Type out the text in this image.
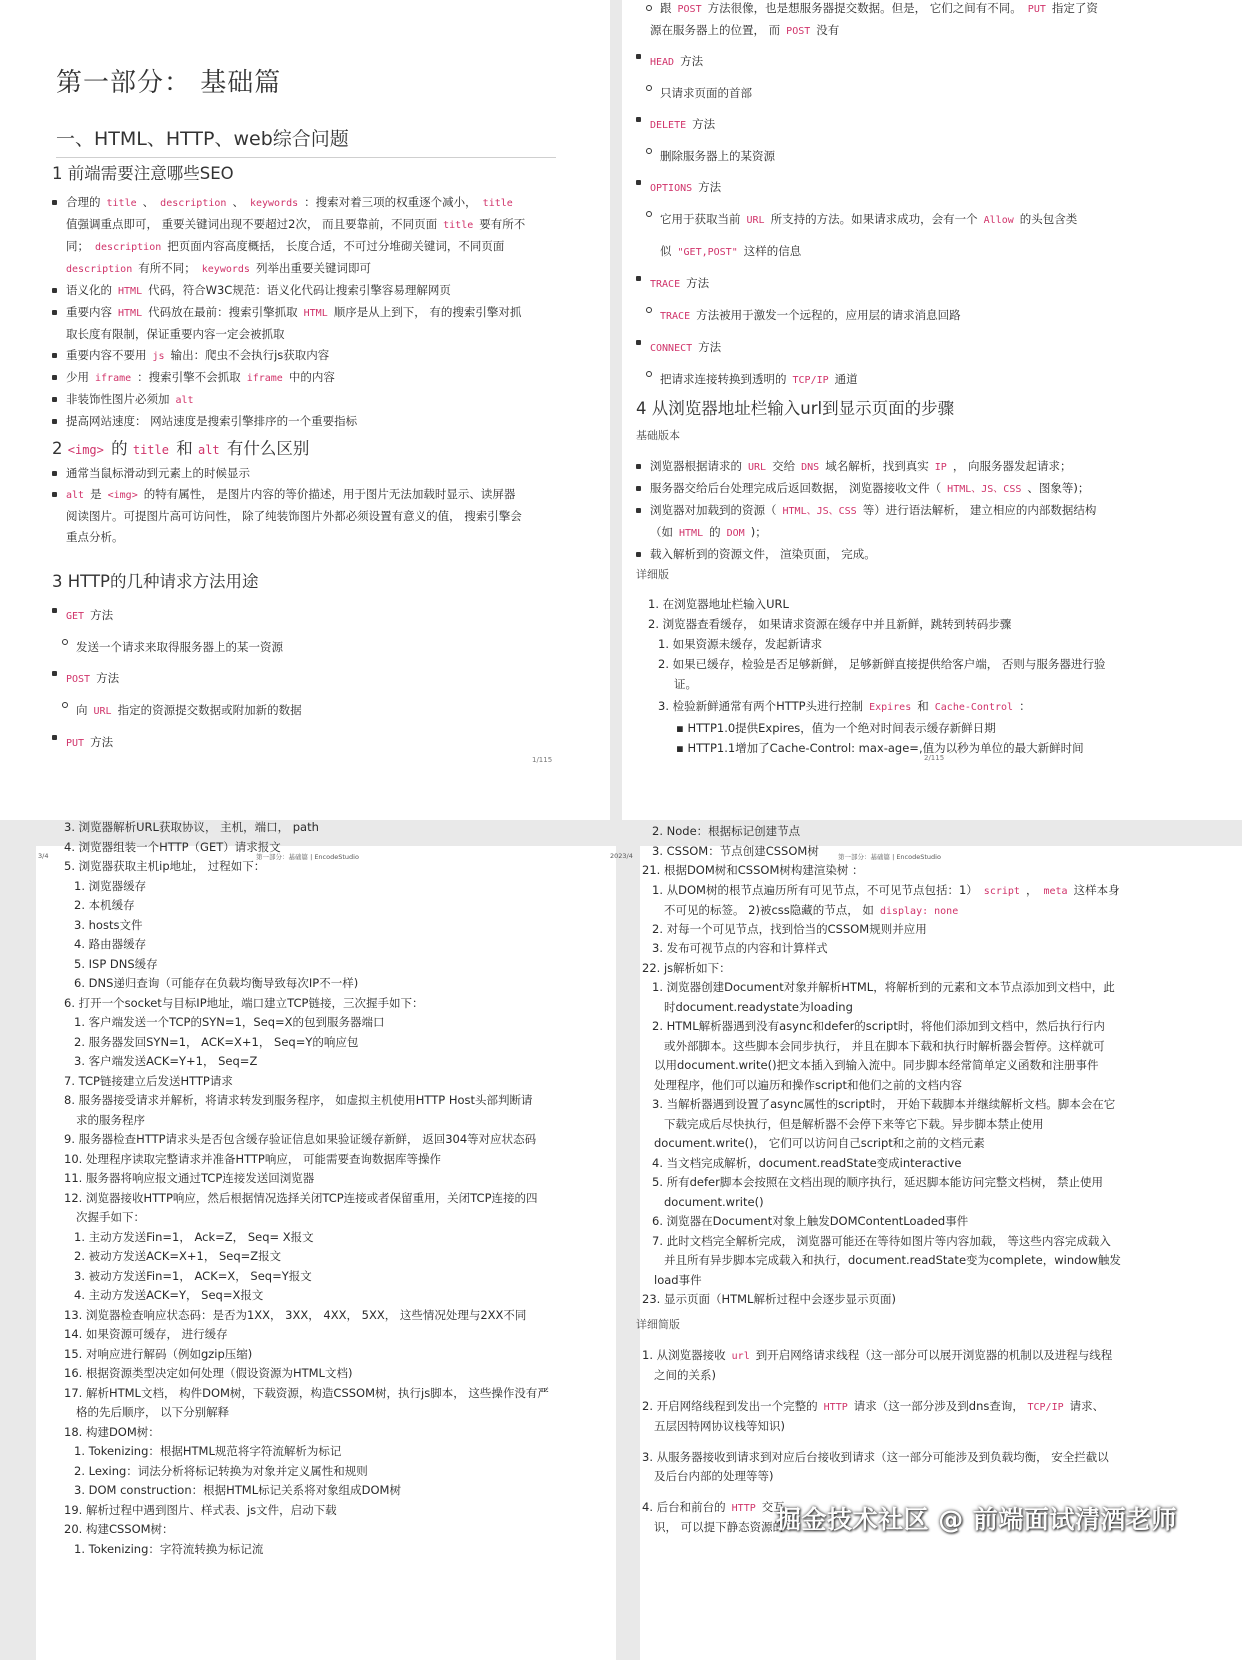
第一部分： 基础篇
一、HTML、HTTP、web综合问题
1 前端需要注意哪些SEO
合理的 title 、 description 、 keywords ：搜索对着三项的权重逐个减小， title
值强调重点即可， 重要关键词出现不要超过2次， 而且要靠前，不同页面 title 要有所不
同； description 把页面内容高度概括， 长度合适，不可过分堆砌关键词，不同页面
description 有所不同； keywords 列举出重要关键词即可
语义化的 HTML 代码，符合W3C规范：语义化代码让搜索引擎容易理解网页
重要内容 HTML 代码放在最前：搜索引擎抓取 HTML 顺序是从上到下， 有的搜索引擎对抓
取长度有限制，保证重要内容一定会被抓取
重要内容不要用 js 输出：爬虫不会执行js获取内容
少用 iframe ：搜索引擎不会抓取 iframe 中的内容
非装饰性图片必须加 alt
提高网站速度： 网站速度是搜索引擎排序的一个重要指标
2 <img> 的 title 和 alt 有什么区别
通常当鼠标滑动到元素上的时候显示
alt 是 <img> 的特有属性， 是图片内容的等价描述，用于图片无法加载时显示、读屏器
阅读图片。可提图片高可访问性， 除了纯装饰图片外都必须设置有意义的值， 搜索引擎会
重点分析。
3 HTTP的几种请求方法用途
GET 方法
发送一个请求来取得服务器上的某一资源
POST 方法
向 URL 指定的资源提交数据或附加新的数据
PUT 方法
1/115
跟 POST 方法很像，也是想服务器提交数据。但是， 它们之间有不同。 PUT 指定了资
源在服务器上的位置， 而 POST 没有
HEAD 方法
只请求页面的首部
DELETE 方法
删除服务器上的某资源
OPTIONS 方法
它用于获取当前 URL 所支持的方法。如果请求成功，会有一个 Allow 的头包含类
似 "GET,POST" 这样的信息
TRACE 方法
TRACE 方法被用于激发一个远程的，应用层的请求消息回路
CONNECT 方法
把请求连接转换到透明的 TCP/IP 通道
4 从浏览器地址栏输入url到显示页面的步骤
基础版本
浏览器根据请求的 URL 交给 DNS 域名解析，找到真实 IP ， 向服务器发起请求；
服务器交给后台处理完成后返回数据， 浏览器接收文件（ HTML、JS、CSS 、图象等)；
浏览器对加载到的资源（ HTML、JS、CSS 等）进行语法解析， 建立相应的内部数据结构
（如 HTML 的 DOM )；
载入解析到的资源文件， 渲染页面， 完成。
详细版
1. 在浏览器地址栏输入URL
2. 浏览器查看缓存， 如果请求资源在缓存中并且新鲜，跳转到转码步骤
1. 如果资源未缓存，发起新请求
2. 如果已缓存，检验是否足够新鲜， 足够新鲜直接提供给客户端， 否则与服务器进行验
证。
3. 检验新鲜通常有两个HTTP头进行控制 Expires 和 Cache-Control ：
▪ HTTP1.0提供Expires，值为一个绝对时间表示缓存新鲜日期
▪ HTTP1.1增加了Cache-Control: max-age=,值为以秒为单位的最大新鲜时间
2/115
3/4	第一部分：基础篇 | EncodeStudio
3. 浏览器解析URL获取协议， 主机，端口， path
4. 浏览器组装一个HTTP（GET）请求报文
5. 浏览器获取主机ip地址， 过程如下：
1. 浏览器缓存
2. 本机缓存
3. hosts文件
4. 路由器缓存
5. ISP DNS缓存
6. DNS递归查询（可能存在负载均衡导致每次IP不一样)
6. 打开一个socket与目标IP地址，端口建立TCP链接，三次握手如下：
1. 客户端发送一个TCP的SYN=1，Seq=X的包到服务器端口
2. 服务器发回SYN=1， ACK=X+1， Seq=Y的响应包
3. 客户端发送ACK=Y+1， Seq=Z
7. TCP链接建立后发送HTTP请求
8. 服务器接受请求并解析，将请求转发到服务程序， 如虚拟主机使用HTTP Host头部判断请
求的服务程序
9. 服务器检查HTTP请求头是否包含缓存验证信息如果验证缓存新鲜， 返回304等对应状态码
10. 处理程序读取完整请求并准备HTTP响应， 可能需要查询数据库等操作
11. 服务器将响应报文通过TCP连接发送回浏览器
12. 浏览器接收HTTP响应，然后根据情况选择关闭TCP连接或者保留重用，关闭TCP连接的四
次握手如下：
1. 主动方发送Fin=1， Ack=Z， Seq= X报文
2. 被动方发送ACK=X+1， Seq=Z报文
3. 被动方发送Fin=1， ACK=X， Seq=Y报文
4. 主动方发送ACK=Y， Seq=X报文
13. 浏览器检查响应状态码：是否为1XX， 3XX， 4XX， 5XX， 这些情况处理与2XX不同
14. 如果资源可缓存， 进行缓存
15. 对响应进行解码（例如gzip压缩)
16. 根据资源类型决定如何处理（假设资源为HTML文档)
17. 解析HTML文档， 构件DOM树，下载资源，构造CSSOM树，执行js脚本， 这些操作没有严
格的先后顺序， 以下分别解释
18. 构建DOM树：
1. Tokenizing：根据HTML规范将字符流解析为标记
2. Lexing：词法分析将标记转换为对象并定义属性和规则
3. DOM construction：根据HTML标记关系将对象组成DOM树
19. 解析过程中遇到图片、样式表、js文件，启动下载
20. 构建CSSOM树：
1. Tokenizing：字符流转换为标记流
2023/4	第一部分：基础篇 | EncodeStudio
2. Node：根据标记创建节点
3. CSSOM：节点创建CSSOM树
21. 根据DOM树和CSSOM树构建渲染树 ：
1. 从DOM树的根节点遍历所有可见节点，不可见节点包括：1） script ， meta 这样本身
不可见的标签。 2)被css隐藏的节点， 如 display: none
2. 对每一个可见节点，找到恰当的CSSOM规则并应用
3. 发布可视节点的内容和计算样式
22. js解析如下：
1. 浏览器创建Document对象并解析HTML，将解析到的元素和文本节点添加到文档中，此
时document.readystate为loading
2. HTML解析器遇到没有async和defer的script时，将他们添加到文档中，然后执行行内
或外部脚本。这些脚本会同步执行， 并且在脚本下载和执行时解析器会暂停。这样就可
以用document.write()把文本插入到输入流中。同步脚本经常简单定义函数和注册事件
处理程序，他们可以遍历和操作script和他们之前的文档内容
3. 当解析器遇到设置了async属性的script时， 开始下载脚本并继续解析文档。脚本会在它
下载完成后尽快执行，但是解析器不会停下来等它下载。异步脚本禁止使用
document.write()， 它们可以访问自己script和之前的文档元素
4. 当文档完成解析，document.readState变成interactive
5. 所有defer脚本会按照在文档出现的顺序执行，延迟脚本能访问完整文档树， 禁止使用
document.write()
6. 浏览器在Document对象上触发DOMContentLoaded事件
7. 此时文档完全解析完成， 浏览器可能还在等待如图片等内容加载， 等这些内容完成载入
并且所有异步脚本完成载入和执行，document.readState变为complete，window触发
load事件
23. 显示页面（HTML解析过程中会逐步显示页面)
详细简版
1. 从浏览器接收 url 到开启网络请求线程（这一部分可以展开浏览器的机制以及进程与线程
之间的关系)
2. 开启网络线程到发出一个完整的 HTTP 请求（这一部分涉及到dns查询， TCP/IP 请求、
五层因特网协议栈等知识)
3. 从服务器接收到请求到对应后台接收到请求（这一部分可能涉及到负载均衡， 安全拦截以
及后台内部的处理等等)
4. 后台和前台的 HTTP 交互
识， 可以提下静态资源的
掘金技术社区 @ 前端面试清酒老师
